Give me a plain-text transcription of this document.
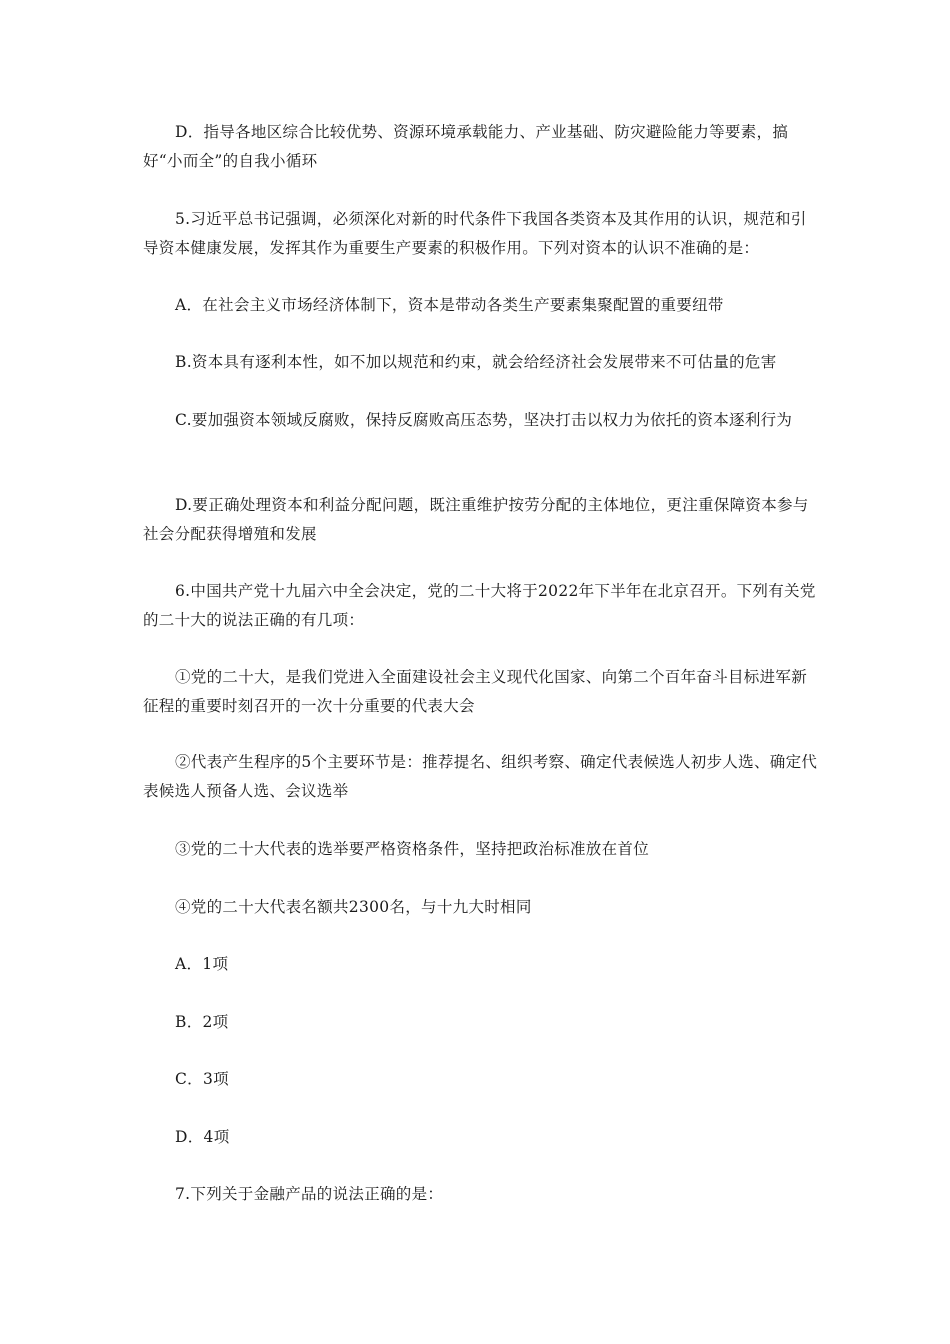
D．指导各地区综合比较优势、资源环境承载能力、产业基础、防灾避险能力等要素，搞好“小而全”的自我小循环

5.习近平总书记强调，必须深化对新的时代条件下我国各类资本及其作用的认识，规范和引导资本健康发展，发挥其作为重要生产要素的积极作用。下列对资本的认识不准确的是：

A．在社会主义市场经济体制下，资本是带动各类生产要素集聚配置的重要纽带

B.资本具有逐利本性，如不加以规范和约束，就会给经济社会发展带来不可估量的危害

C.要加强资本领域反腐败，保持反腐败高压态势，坚决打击以权力为依托的资本逐利行为

D.要正确处理资本和利益分配问题，既注重维护按劳分配的主体地位，更注重保障资本参与社会分配获得增殖和发展

6.中国共产党十九届六中全会决定，党的二十大将于2022年下半年在北京召开。下列有关党的二十大的说法正确的有几项：

①党的二十大，是我们党进入全面建设社会主义现代化国家、向第二个百年奋斗目标进军新征程的重要时刻召开的一次十分重要的代表大会

②代表产生程序的5个主要环节是：推荐提名、组织考察、确定代表候选人初步人选、确定代表候选人预备人选、会议选举

③党的二十大代表的选举要严格资格条件，坚持把政治标准放在首位

④党的二十大代表名额共2300名，与十九大时相同

A．1项

B．2项

C．3项

D．4项

7.下列关于金融产品的说法正确的是：
